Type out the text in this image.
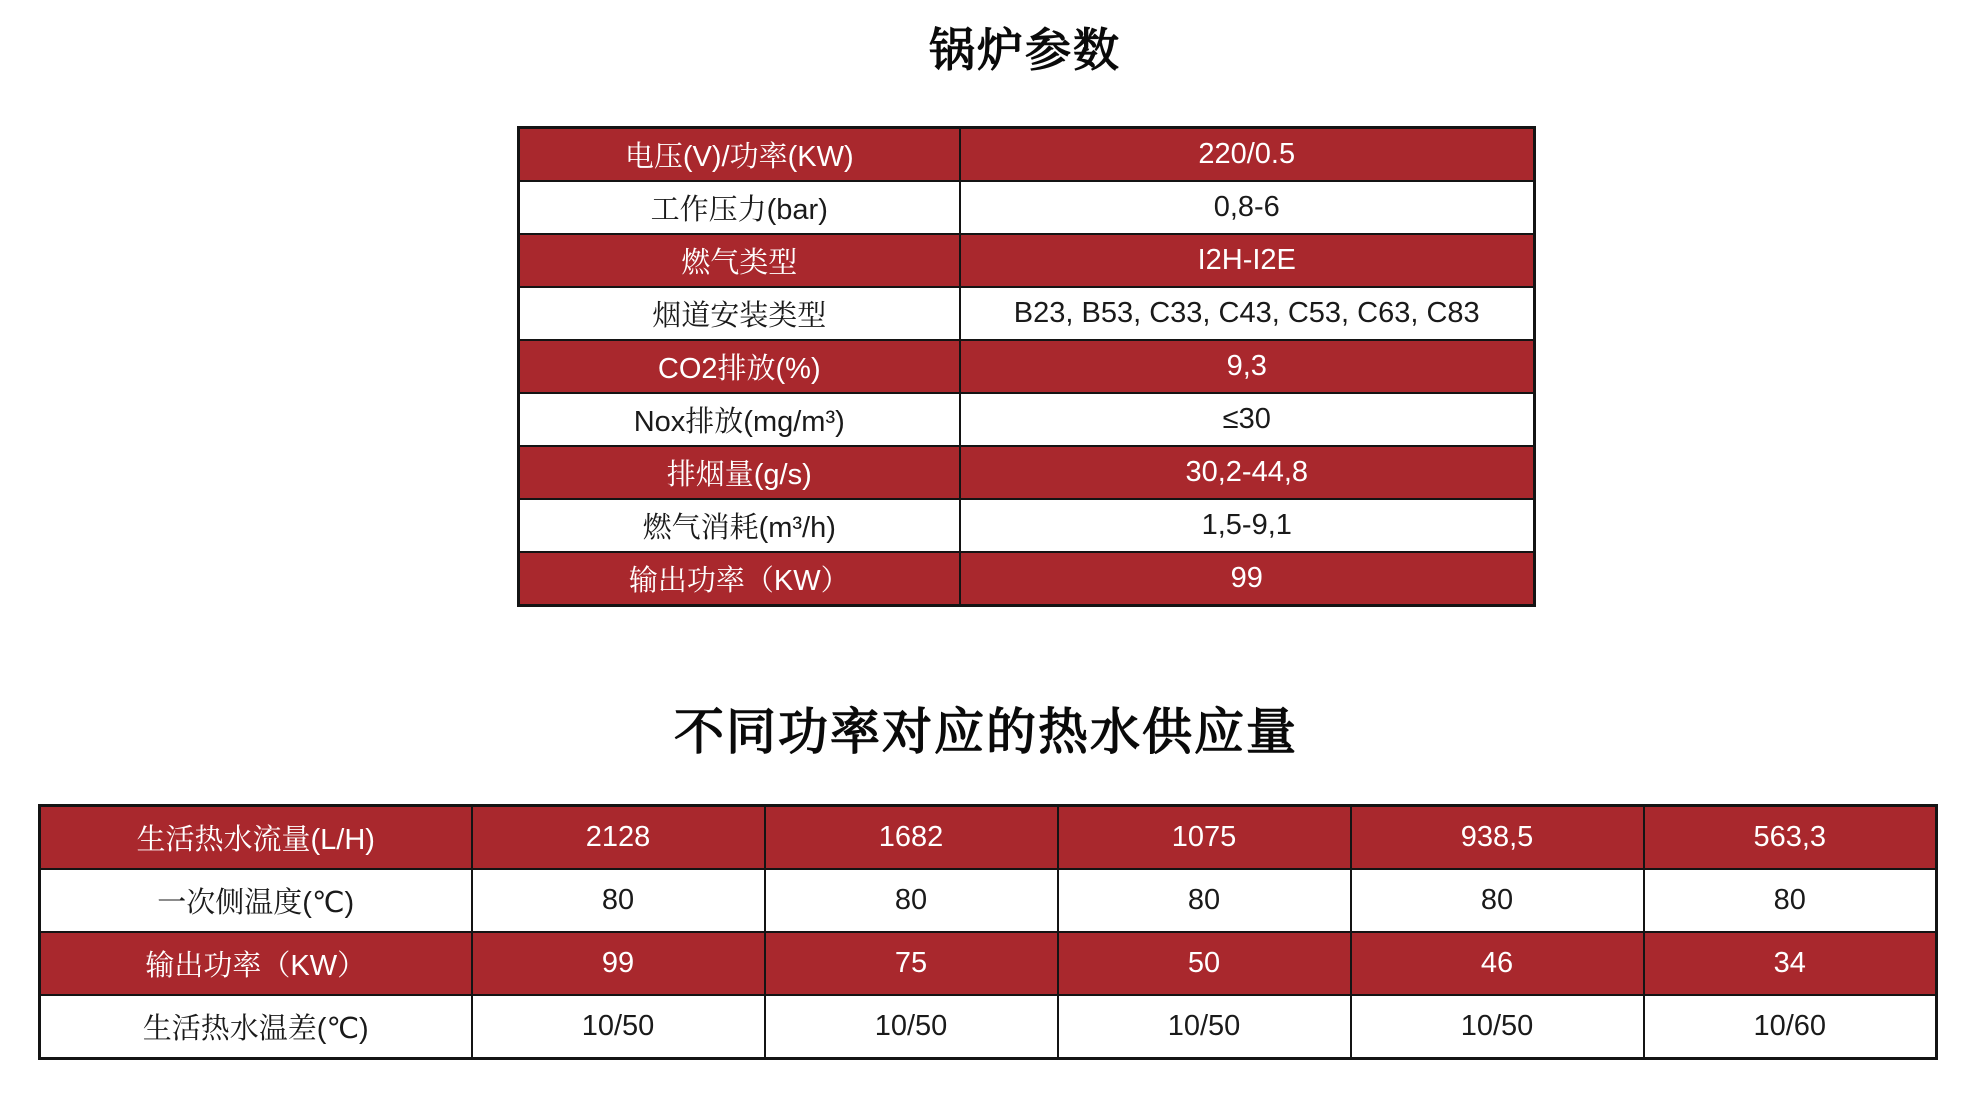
锅炉参数
电压(V)/功率(KW)	220/0.5
工作压力(bar)	0,8-6
燃气类型	I2H-I2E
烟道安装类型	B23, B53, C33, C43, C53, C63, C83
CO2排放(%)	9,3
Nox排放(mg/m³)	≤30
排烟量(g/s)	30,2-44,8
燃气消耗(m³/h)	1,5-9,1
输出功率（KW）	99
不同功率对应的热水供应量
生活热水流量(L/H)	2128	1682	1075	938,5	563,3
一次侧温度(℃)	80	80	80	80	80
输出功率（KW）	99	75	50	46	34
生活热水温差(℃)	10/50	10/50	10/50	10/50	10/60
